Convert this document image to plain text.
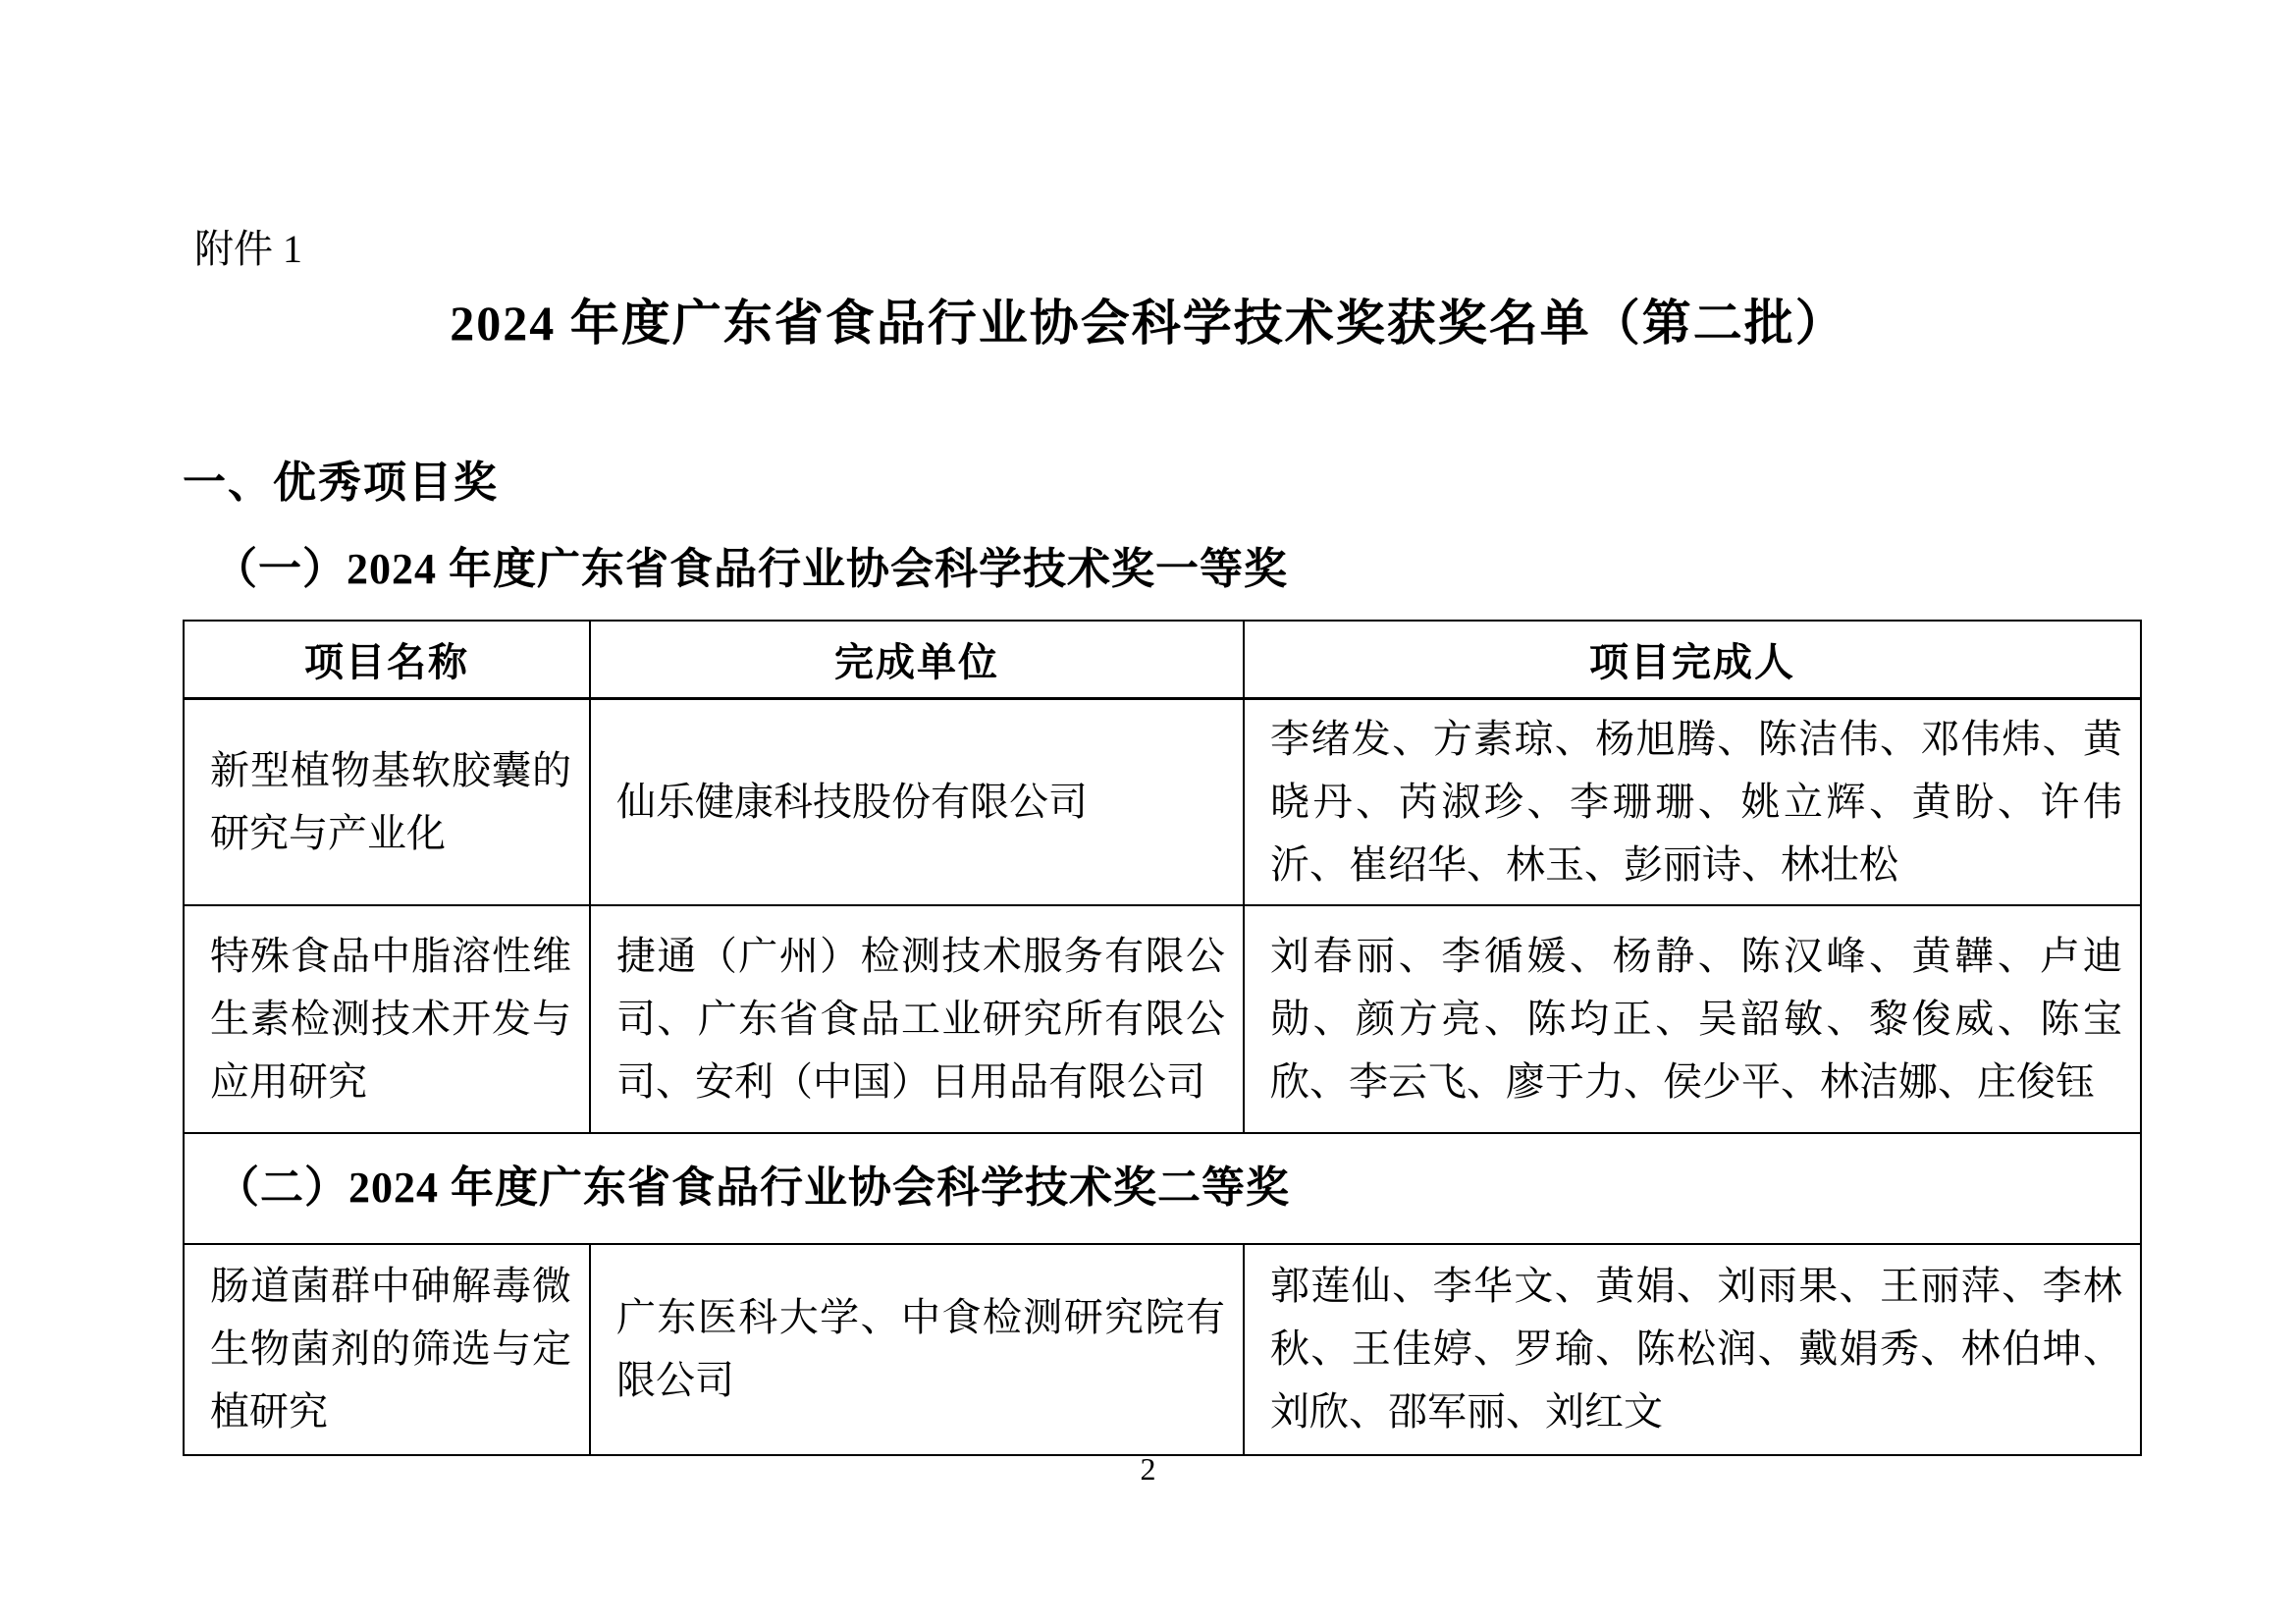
附件 1
2024 年度广东省食品行业协会科学技术奖获奖名单（第二批）
一、优秀项目奖
（一）2024 年度广东省食品行业协会科学技术奖一等奖
项目名称	完成单位	项目完成人
新型植物基软胶囊的研究与产业化	仙乐健康科技股份有限公司	李绪发、方素琼、杨旭腾、陈洁伟、邓伟炜、黄晓丹、芮淑珍、李珊珊、姚立辉、黄盼、许伟沂、崔绍华、林玉、彭丽诗、林壮松
特殊食品中脂溶性维生素检测技术开发与应用研究	捷通（广州）检测技术服务有限公司、广东省食品工业研究所有限公司、安利（中国）日用品有限公司	刘春丽、李循媛、杨静、陈汉峰、黄韡、卢迪勋、颜方亮、陈均正、吴韶敏、黎俊威、陈宝欣、李云飞、廖于力、侯少平、林洁娜、庄俊钰
（二）2024 年度广东省食品行业协会科学技术奖二等奖		
肠道菌群中砷解毒微生物菌剂的筛选与定植研究	广东医科大学、中食检测研究院有限公司	郭莲仙、李华文、黄娟、刘雨果、王丽萍、李林秋、王佳婷、罗瑜、陈松润、戴娟秀、林伯坤、刘欣、邵军丽、刘红文
2
